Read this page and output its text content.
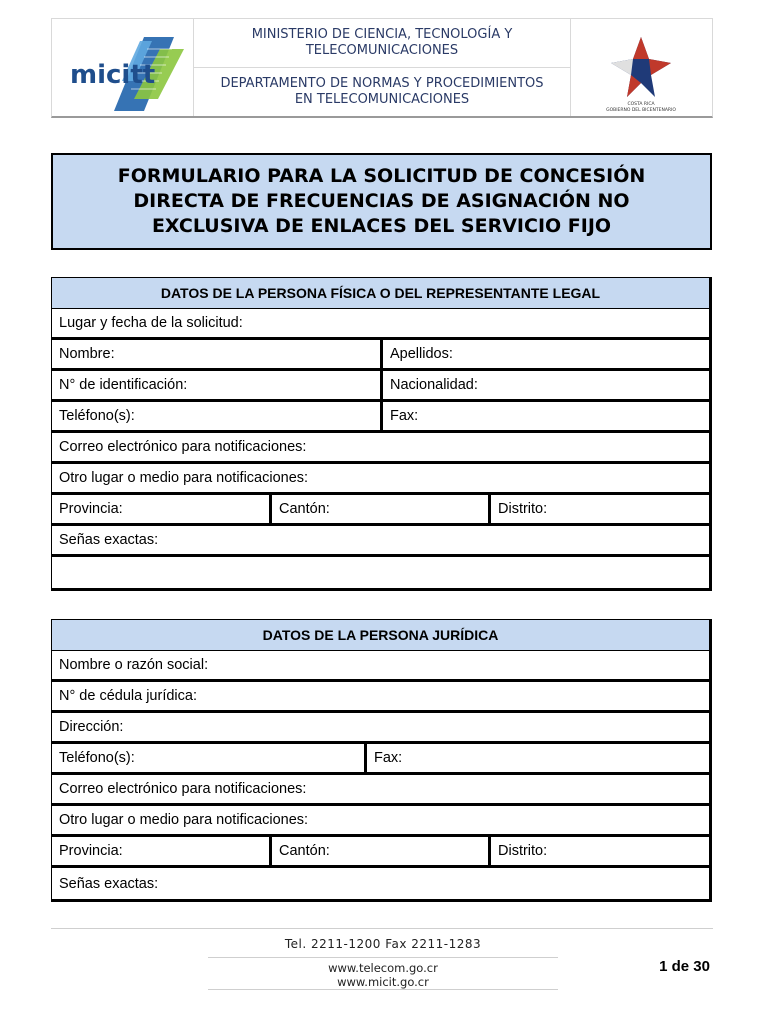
micitt
MINISTERIO DE CIENCIA, TECNOLOGÍA Y
TELECOMUNICACIONES
DEPARTAMENTO DE NORMAS Y PROCEDIMIENTOS
EN TELECOMUNICACIONES	COSTA RICA
GOBIERNO DEL BICENTENARIO
FORMULARIO PARA LA SOLICITUD DE CONCESIÓN
DIRECTA DE FRECUENCIAS DE ASIGNACIÓN NO
EXCLUSIVA DE ENLACES DEL SERVICIO FIJO
DATOS DE LA PERSONA FÍSICA O DEL REPRESENTANTE LEGAL
Lugar y fecha de la solicitud:
Nombre:	Apellidos:
N° de identificación:	Nacionalidad:
Teléfono(s):	Fax:
Correo electrónico para notificaciones:
Otro lugar o medio para notificaciones:
Provincia:	Cantón:	Distrito:
Señas exactas:
DATOS DE LA PERSONA JURÍDICA
Nombre o razón social:
N° de cédula jurídica:
Dirección:
Teléfono(s):	Fax:
Correo electrónico para notificaciones:
Otro lugar o medio para notificaciones:
Provincia:	Cantón:	Distrito:
Señas exactas:
Tel. 2211-1200 Fax 2211-1283
www.telecom.go.cr
www.micit.go.cr
1 de 30
